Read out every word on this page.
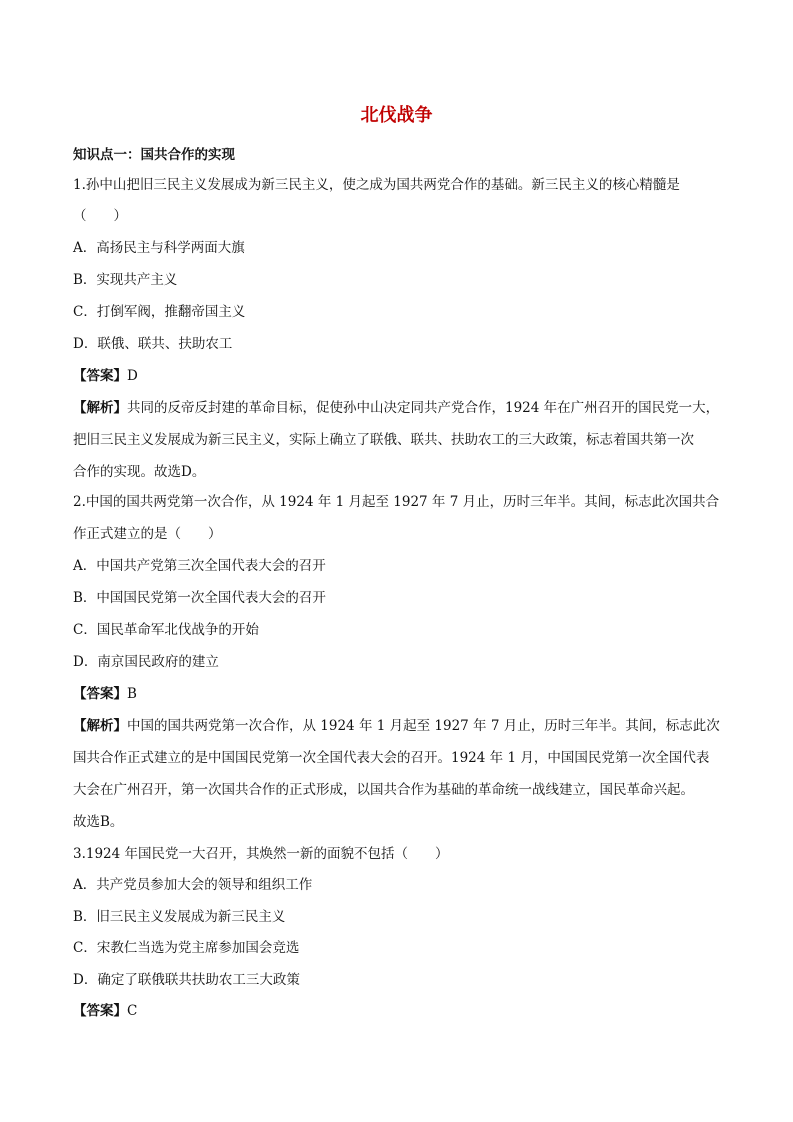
北伐战争
知识点一：国共合作的实现
1.孙中山把旧三民主义发展成为新三民主义，使之成为国共两党合作的基础。新三民主义的核心精髓是
（　　）
A．高扬民主与科学两面大旗
B．实现共产主义
C．打倒军阀，推翻帝国主义
D．联俄、联共、扶助农工
【答案】D
【解析】共同的反帝反封建的革命目标，促使孙中山决定同共产党合作，1924 年在广州召开的国民党一大，
把旧三民主义发展成为新三民主义，实际上确立了联俄、联共、扶助农工的三大政策，标志着国共第一次
合作的实现。故选D。
2.中国的国共两党第一次合作，从 1924 年 1 月起至 1927 年 7 月止，历时三年半。其间，标志此次国共合
作正式建立的是（　　）
A．中国共产党第三次全国代表大会的召开
B．中国国民党第一次全国代表大会的召开
C．国民革命军北伐战争的开始
D．南京国民政府的建立
【答案】B
【解析】中国的国共两党第一次合作，从 1924 年 1 月起至 1927 年 7 月止，历时三年半。其间，标志此次
国共合作正式建立的是中国国民党第一次全国代表大会的召开。1924 年 1 月，中国国民党第一次全国代表
大会在广州召开，第一次国共合作的正式形成，以国共合作为基础的革命统一战线建立，国民革命兴起。
故选B。
3.1924 年国民党一大召开，其焕然一新的面貌不包括（　　）
A．共产党员参加大会的领导和组织工作
B．旧三民主义发展成为新三民主义
C．宋教仁当选为党主席参加国会竞选
D．确定了联俄联共扶助农工三大政策
【答案】C
